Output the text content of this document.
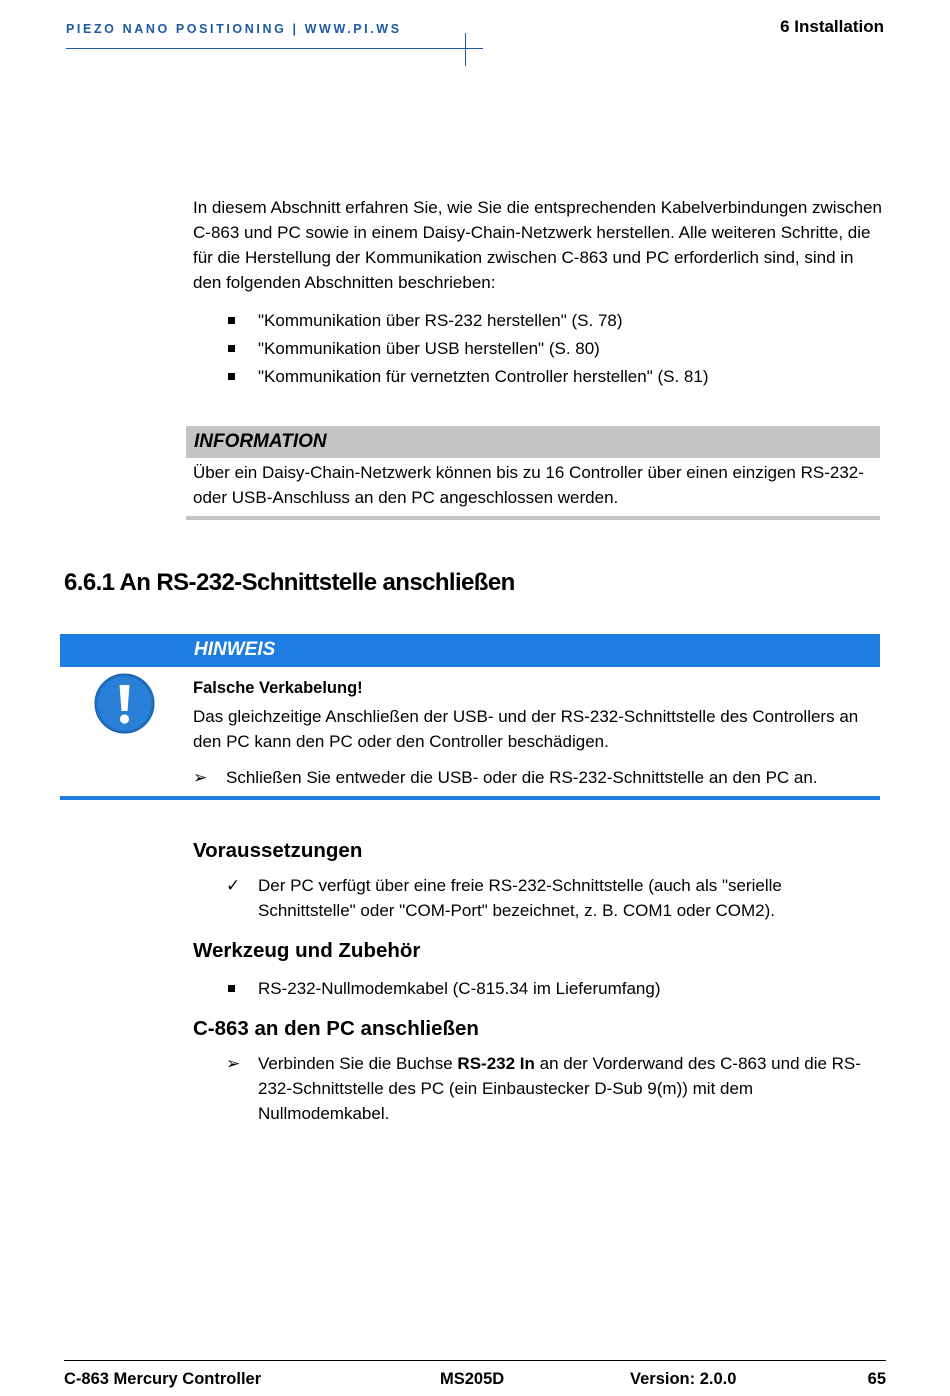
PIEZO NANO POSITIONING | WWW.PI.WS	6 Installation
In diesem Abschnitt erfahren Sie, wie Sie die entsprechenden Kabelverbindungen zwischen C-863 und PC sowie in einem Daisy-Chain-Netzwerk herstellen. Alle weiteren Schritte, die für die Herstellung der Kommunikation zwischen C-863 und PC erforderlich sind, sind in den folgenden Abschnitten beschrieben:
"Kommunikation über RS-232 herstellen" (S. 78)
"Kommunikation über USB herstellen" (S. 80)
"Kommunikation für vernetzten Controller herstellen" (S. 81)
INFORMATION
Über ein Daisy-Chain-Netzwerk können bis zu 16 Controller über einen einzigen RS-232- oder USB-Anschluss an den PC angeschlossen werden.
6.6.1 An RS-232-Schnittstelle anschließen
HINWEIS
Falsche Verkabelung!
Das gleichzeitige Anschließen der USB- und der RS-232-Schnittstelle des Controllers an den PC kann den PC oder den Controller beschädigen.
➢ Schließen Sie entweder die USB- oder die RS-232-Schnittstelle an den PC an.
Voraussetzungen
✓ Der PC verfügt über eine freie RS-232-Schnittstelle (auch als "serielle Schnittstelle" oder "COM-Port" bezeichnet, z. B. COM1 oder COM2).
Werkzeug und Zubehör
RS-232-Nullmodemkabel (C-815.34 im Lieferumfang)
C-863 an den PC anschließen
➢ Verbinden Sie die Buchse RS-232 In an der Vorderwand des C-863 und die RS-232-Schnittstelle des PC (ein Einbaustecker D-Sub 9(m)) mit dem Nullmodemkabel.
C-863 Mercury Controller	MS205D	Version: 2.0.0	65
